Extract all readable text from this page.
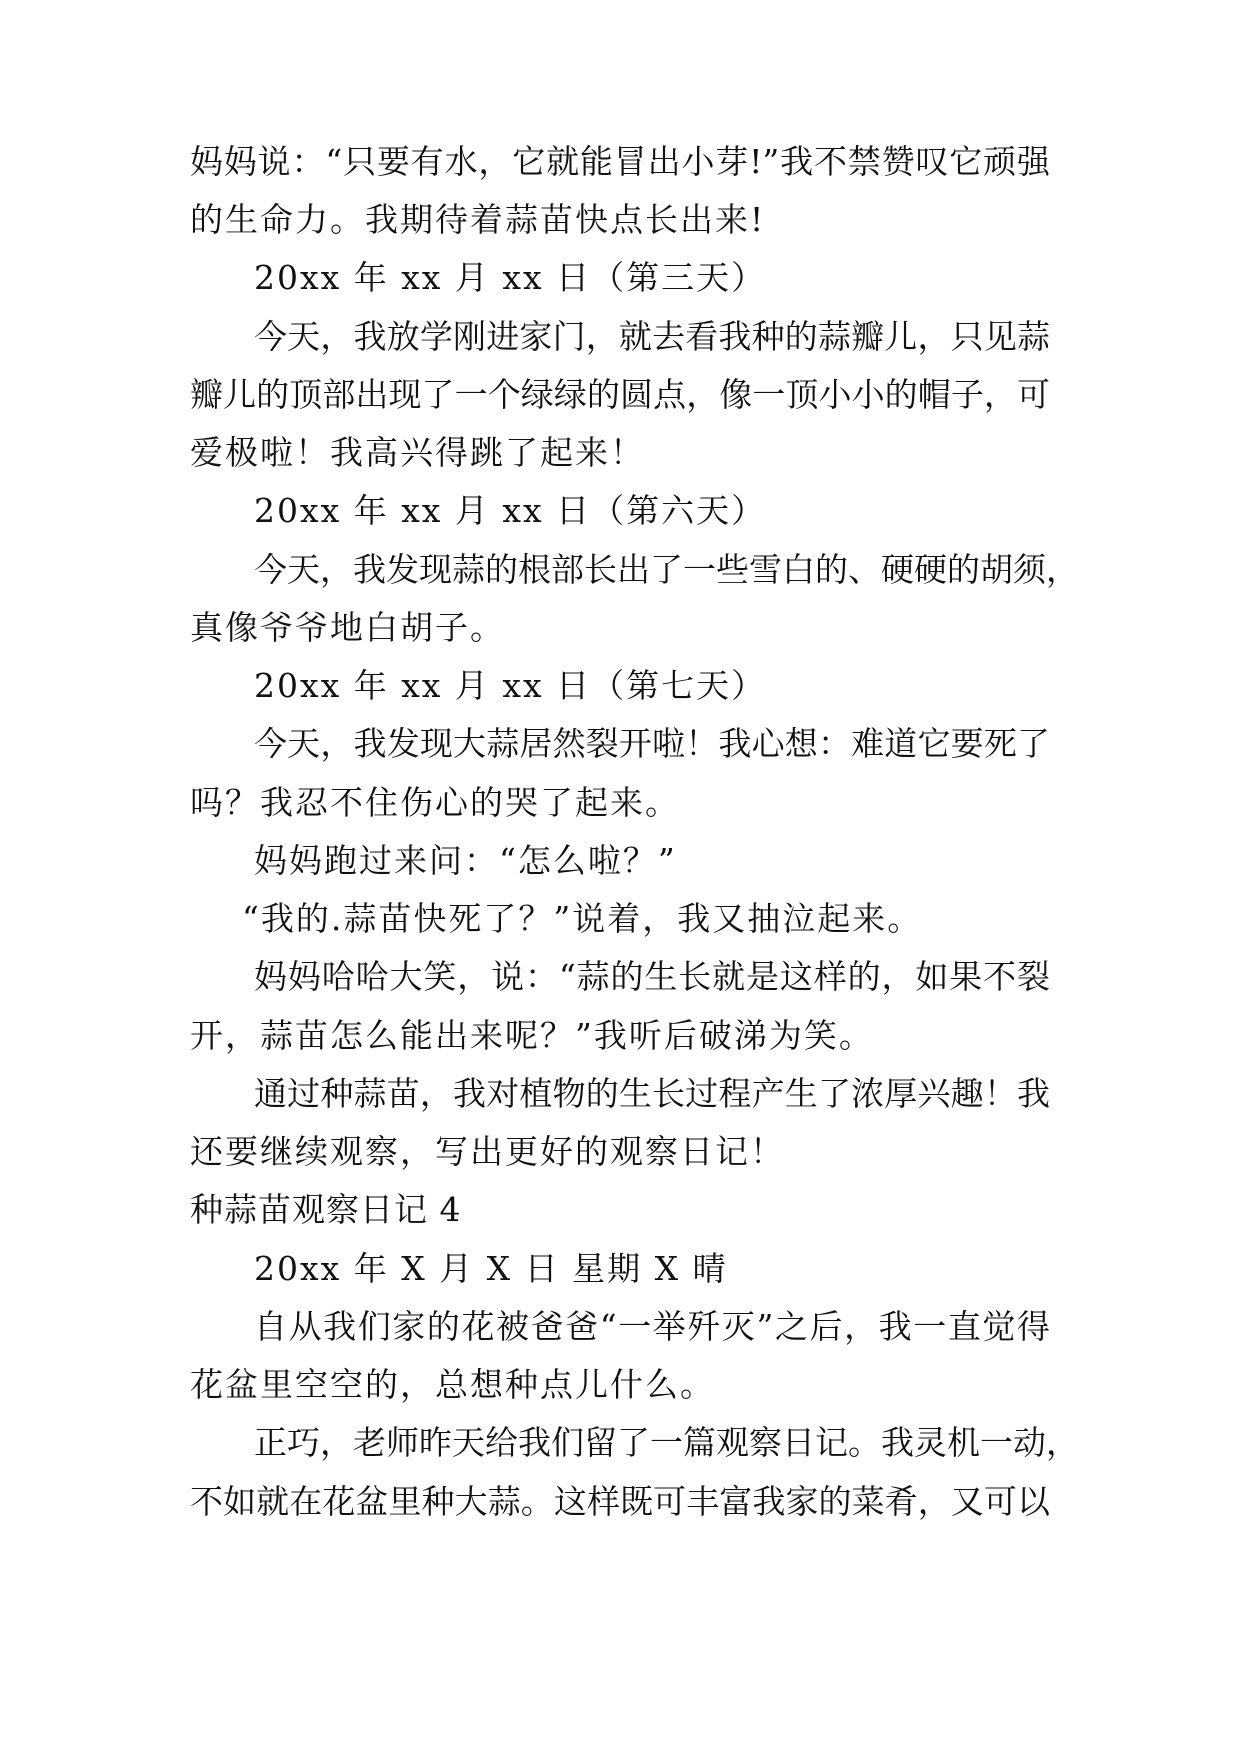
妈妈说：“只要有水，它就能冒出小芽!”我不禁赞叹它顽强
的生命力。我期待着蒜苗快点长出来!
20xx 年 xx 月 xx 日（第三天）
今天，我放学刚进家门，就去看我种的蒜瓣儿，只见蒜
瓣儿的顶部出现了一个绿绿的圆点，像一顶小小的帽子，可
爱极啦！我高兴得跳了起来！
20xx 年 xx 月 xx 日（第六天）
今天，我发现蒜的根部长出了一些雪白的、硬硬的胡须，
真像爷爷地白胡子。
20xx 年 xx 月 xx 日（第七天）
今天，我发现大蒜居然裂开啦！我心想：难道它要死了
吗？我忍不住伤心的哭了起来。
妈妈跑过来问：“怎么啦？”
“我的.蒜苗快死了？”说着，我又抽泣起来。
妈妈哈哈大笑，说：“蒜的生长就是这样的，如果不裂
开，蒜苗怎么能出来呢？”我听后破涕为笑。
通过种蒜苗，我对植物的生长过程产生了浓厚兴趣！我
还要继续观察，写出更好的观察日记！
种蒜苗观察日记 4
20xx 年 X 月 X 日 星期 X 晴
自从我们家的花被爸爸“一举歼灭”之后，我一直觉得
花盆里空空的，总想种点儿什么。
正巧，老师昨天给我们留了一篇观察日记。我灵机一动，
不如就在花盆里种大蒜。这样既可丰富我家的菜肴，又可以
